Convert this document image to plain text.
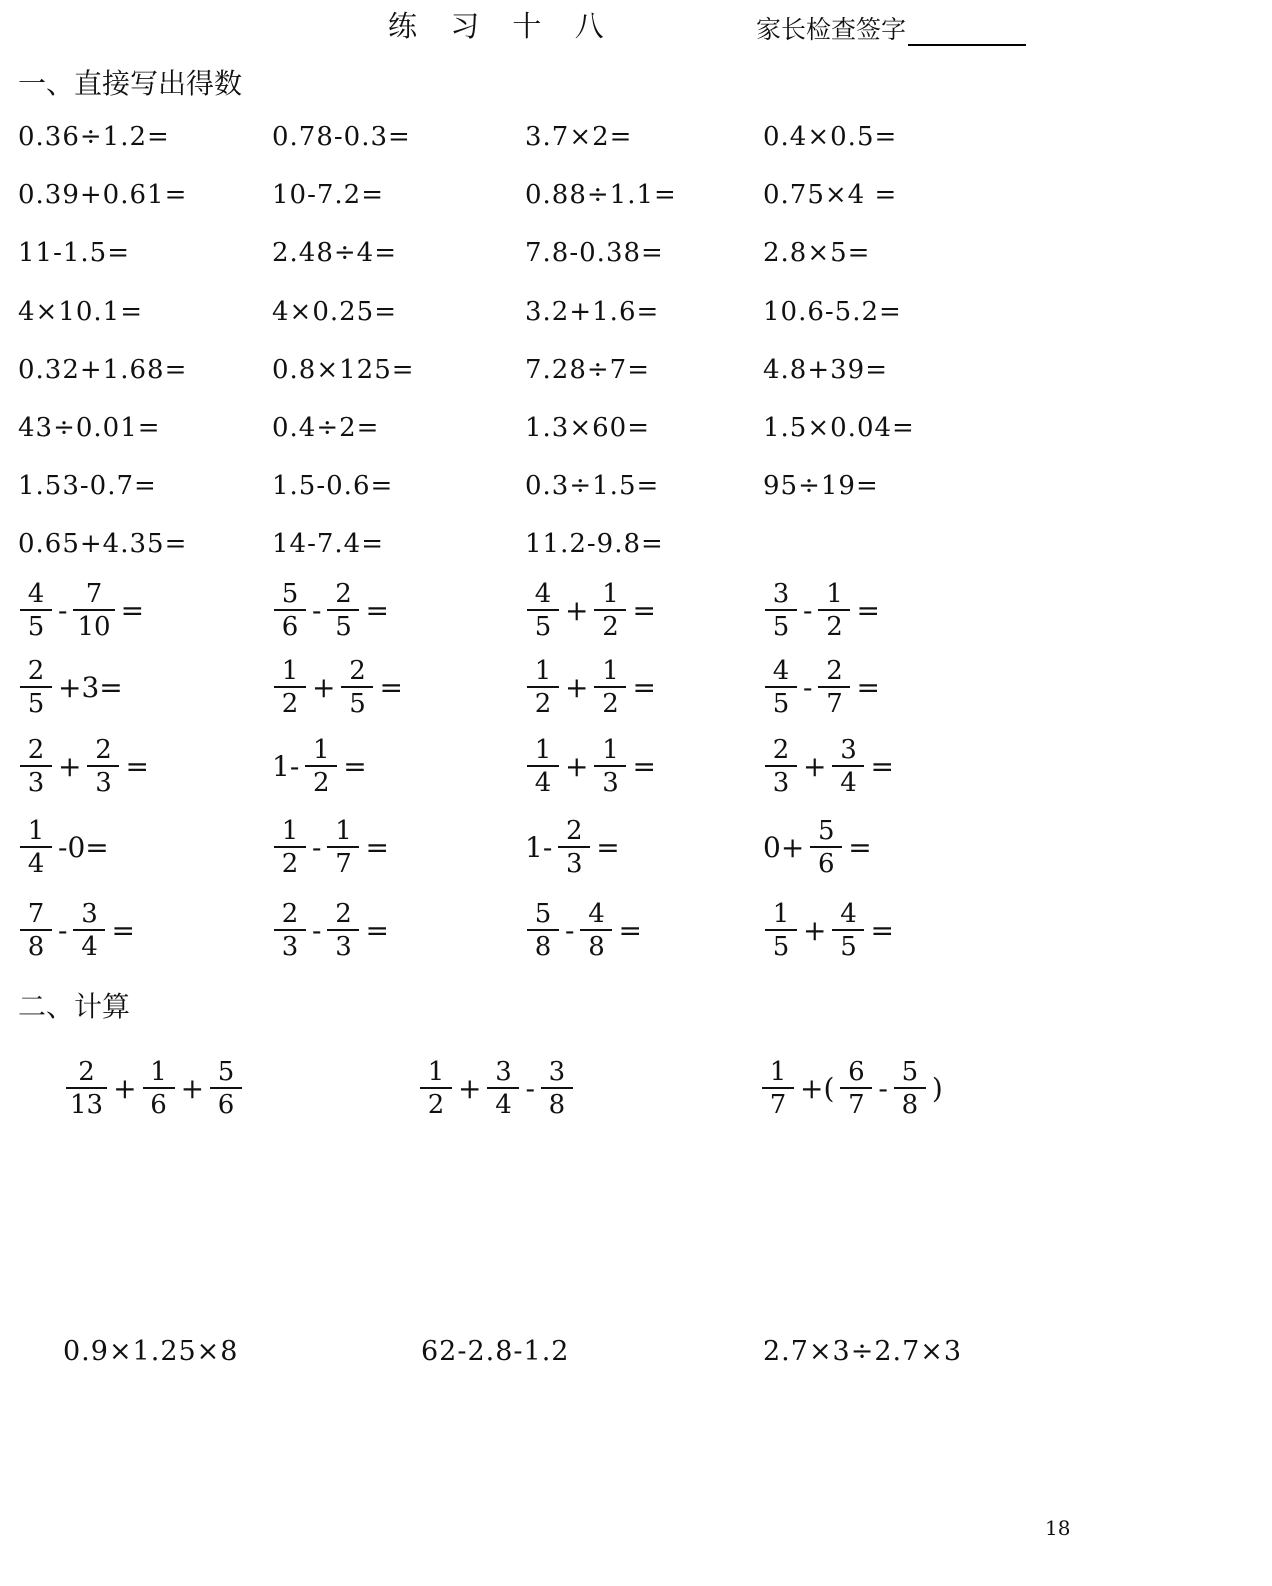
练 习 十 八	家长检查签字
一、直接写出得数
0.36÷1.2=	0.78-0.3=	3.7×2=	0.4×0.5=
0.39+0.61=	10-7.2=	0.88÷1.1=	0.75×4 =
11-1.5=	2.48÷4=	7.8-0.38=	2.8×5=
4×10.1=	4×0.25=	3.2+1.6=	10.6-5.2=
0.32+1.68=	0.8×125=	7.28÷7=	4.8+39=
43÷0.01=	0.4÷2=	1.3×60=	1.5×0.04=
1.53-0.7=	1.5-0.6=	0.3÷1.5=	95÷19=
0.65+4.35=	14-7.4=	11.2-9.8=
$\frac{4}{5} - \frac{7}{10}$ =	$\frac{5}{6} - \frac{2}{5}$ =	$\frac{4}{5} + \frac{1}{2}$ =	$\frac{3}{5} - \frac{1}{2}$ =
$\frac{2}{5} +3=$	$\frac{1}{2} + \frac{2}{5}$ =	$\frac{1}{2} + \frac{1}{2}$ =	$\frac{4}{5} - \frac{2}{7}$ =
$\frac{2}{3} + \frac{2}{3}$ =	$1- \frac{1}{2}$ =	$\frac{1}{4} + \frac{1}{3}$ =	$\frac{2}{3} + \frac{3}{4}$ =
$\frac{1}{4} -0=$	$\frac{1}{2} - \frac{1}{7}$ =	$1- \frac{2}{3}$ =	$0+ \frac{5}{6}$ =
$\frac{7}{8} - \frac{3}{4}$ =	$\frac{2}{3} - \frac{2}{3}$ =	$\frac{5}{8} - \frac{4}{8}$ =	$\frac{1}{5} + \frac{4}{5}$ =
二、计算
$\frac{2}{13} + \frac{1}{6} + \frac{5}{6}$	$\frac{1}{2} + \frac{3}{4} - \frac{3}{8}$	$\frac{1}{7}$ +( $\frac{6}{7} - \frac{5}{8}$ )
0.9×1.25×8	62-2.8-1.2	2.7×3÷2.7×3
18
